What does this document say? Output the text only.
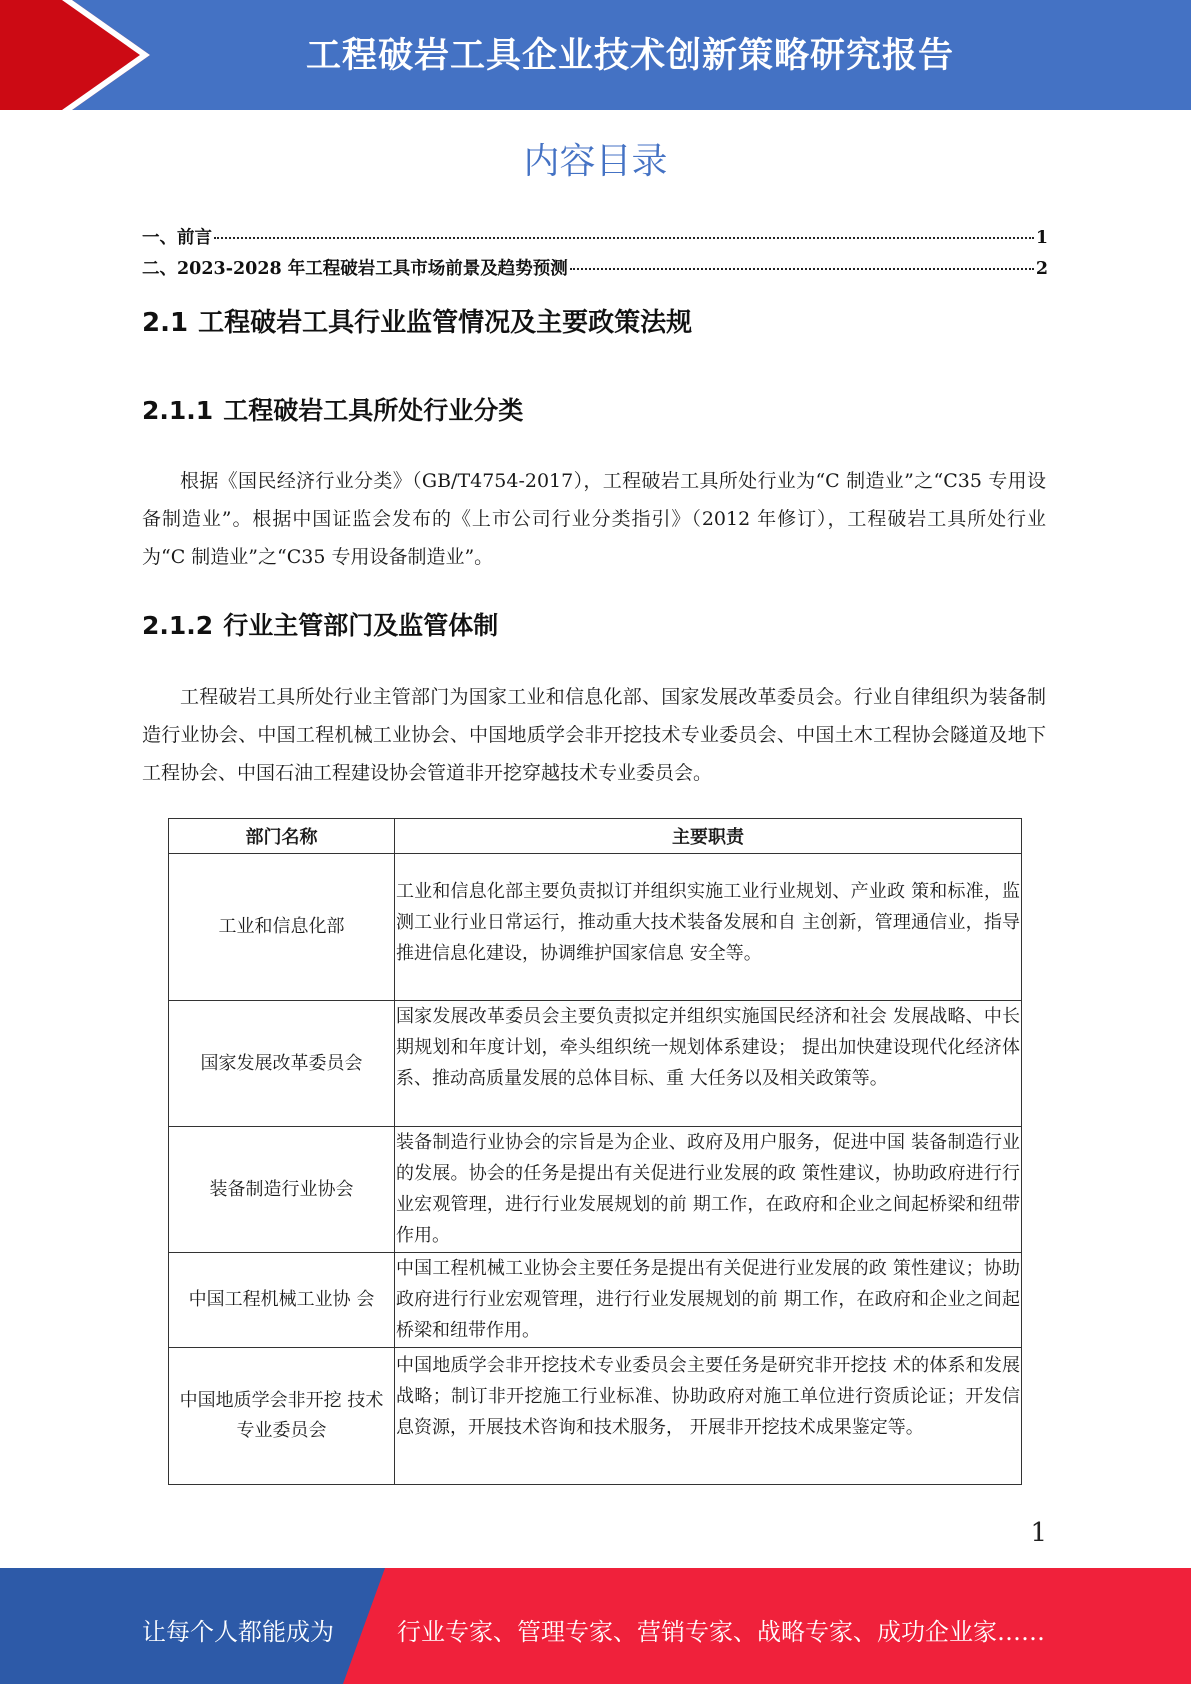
工程破岩工具企业技术创新策略研究报告
内容目录
一、前言	1
二、2023-2028 年工程破岩工具市场前景及趋势预测	2
2.1 工程破岩工具行业监管情况及主要政策法规
2.1.1 工程破岩工具所处行业分类

根据《国民经济行业分类》（GB/T4754-2017），工程破岩工具所处行业为“C 制造业”之“C35 专用设备制造业”。根据中国证监会发布的《上市公司行业分类指引》（2012 年修订），工程破岩工具所处行业为“C 制造业”之“C35 专用设备制造业”。

2.1.2 行业主管部门及监管体制

工程破岩工具所处行业主管部门为国家工业和信息化部、国家发展改革委员会。行业自律组织为装备制造行业协会、中国工程机械工业协会、中国地质学会非开挖技术专业委员会、中国土木工程协会隧道及地下工程协会、中国石油工程建设协会管道非开挖穿越技术专业委员会。

部门名称	主要职责
工业和信息化部	工业和信息化部主要负责拟订并组织实施工业行业规划、产业政 策和标准，监测工业行业日常运行，推动重大技术装备发展和自 主创新，管理通信业，指导推进信息化建设，协调维护国家信息 安全等。
国家发展改革委员会	国家发展改革委员会主要负责拟定并组织实施国民经济和社会 发展战略、中长期规划和年度计划，牵头组织统一规划体系建设； 提出加快建设现代化经济体系、推动高质量发展的总体目标、重 大任务以及相关政策等。
装备制造行业协会	装备制造行业协会的宗旨是为企业、政府及用户服务，促进中国 装备制造行业的发展。协会的任务是提出有关促进行业发展的政 策性建议，协助政府进行行业宏观管理，进行行业发展规划的前 期工作，在政府和企业之间起桥梁和纽带作用。
中国工程机械工业协 会	中国工程机械工业协会主要任务是提出有关促进行业发展的政 策性建议；协助政府进行行业宏观管理，进行行业发展规划的前 期工作，在政府和企业之间起桥梁和纽带作用。
中国地质学会非开挖 技术专业委员会	中国地质学会非开挖技术专业委员会主要任务是研究非开挖技 术的体系和发展战略；制订非开挖施工行业标准、协助政府对施工单位进行资质论证；开发信息资源，开展技术咨询和技术服务， 开展非开挖技术成果鉴定等。
1
让每个人都能成为	行业专家、管理专家、营销专家、战略专家、成功企业家……
